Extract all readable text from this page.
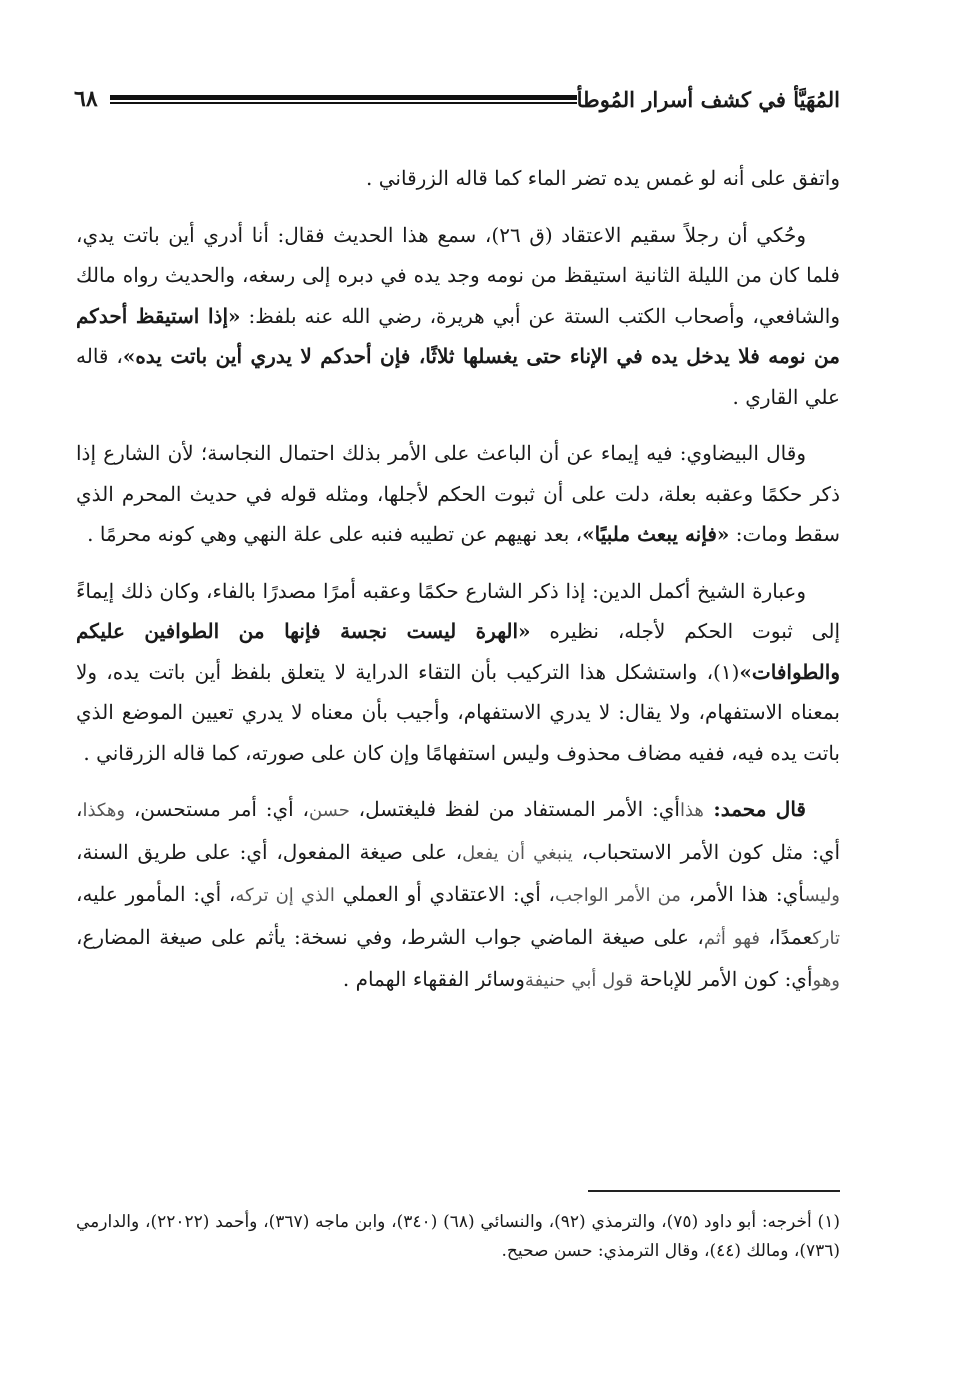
المُهَيَّأ في كشف أسرار المُوطأ
٦٨

واتفق على أنه لو غمس يده تضر الماء كما قاله الزرقاني .

وحُكي أن رجلاً سقيم الاعتقاد (ق ٢٦)، سمع هذا الحديث فقال: أنا أدري أين باتت يدي، فلما كان من الليلة الثانية استيقظ من نومه وجد يده في دبره إلى رسغه، والحديث رواه مالك والشافعي، وأصحاب الكتب الستة عن أبي هريرة، رضي الله عنه بلفظ: «إذا استيقظ أحدكم من نومه فلا يدخل يده في الإناء حتى يغسلها ثلاثًا، فإن أحدكم لا يدري أين باتت يده»، قاله علي القاري .

وقال البيضاوي: فيه إيماء عن أن الباعث على الأمر بذلك احتمال النجاسة؛ لأن الشارع إذا ذكر حكمًا وعقبه بعلة، دلت على أن ثبوت الحكم لأجلها، ومثله قوله في حديث المحرم الذي سقط ومات: «فإنه يبعث ملبيًا»، بعد نهيهم عن تطيبه فنبه على علة النهي وهي كونه محرمًا .

وعبارة الشيخ أكمل الدين: إذا ذكر الشارع حكمًا وعقبه أمرًا مصدرًا بالفاء، وكان ذلك إيماءً إلى ثبوت الحكم لأجله، نظيره «الهرة ليست نجسة فإنها من الطوافين عليكم والطوافات»(١)، واستشكل هذا التركيب بأن التقاء الدراية لا يتعلق بلفظ أين باتت يده، ولا بمعناه الاستفهام، ولا يقال: لا يدري الاستفهام، وأجيب بأن معناه لا يدري تعيين الموضع الذي باتت يده فيه، ففيه مضاف محذوف وليس استفهامًا وإن كان على صورته، كما قاله الزرقاني .

قال محمد: هذاأي: الأمر المستفاد من لفظ فليغتسل، حسن، أي: أمر مستحسن، وهكذا، أي: مثل كون الأمر الاستحباب، ينبغي أن يفعل، على صيغة المفعول، أي: على طريق السنة، وليسأي: هذا الأمر، من الأمر الواجب، أي: الاعتقادي أو العملي الذي إن تركه، أي: المأمور عليه، تاركعمدًا، فهو أثم، على صيغة الماضي جواب الشرط، وفي نسخة: يأثم على صيغة المضارع، وهوأي: كون الأمر للإباحة قول أبي حنيفةوسائر الفقهاء الهمام .

(١) أخرجه: أبو داود (٧٥)، والترمذي (٩٢)، والنسائي (٦٨) (٣٤٠)، وابن ماجه (٣٦٧)، وأحمد (٢٢٠٢٢)، والدارمي (٧٣٦)، ومالك (٤٤)، وقال الترمذي: حسن صحيح.
